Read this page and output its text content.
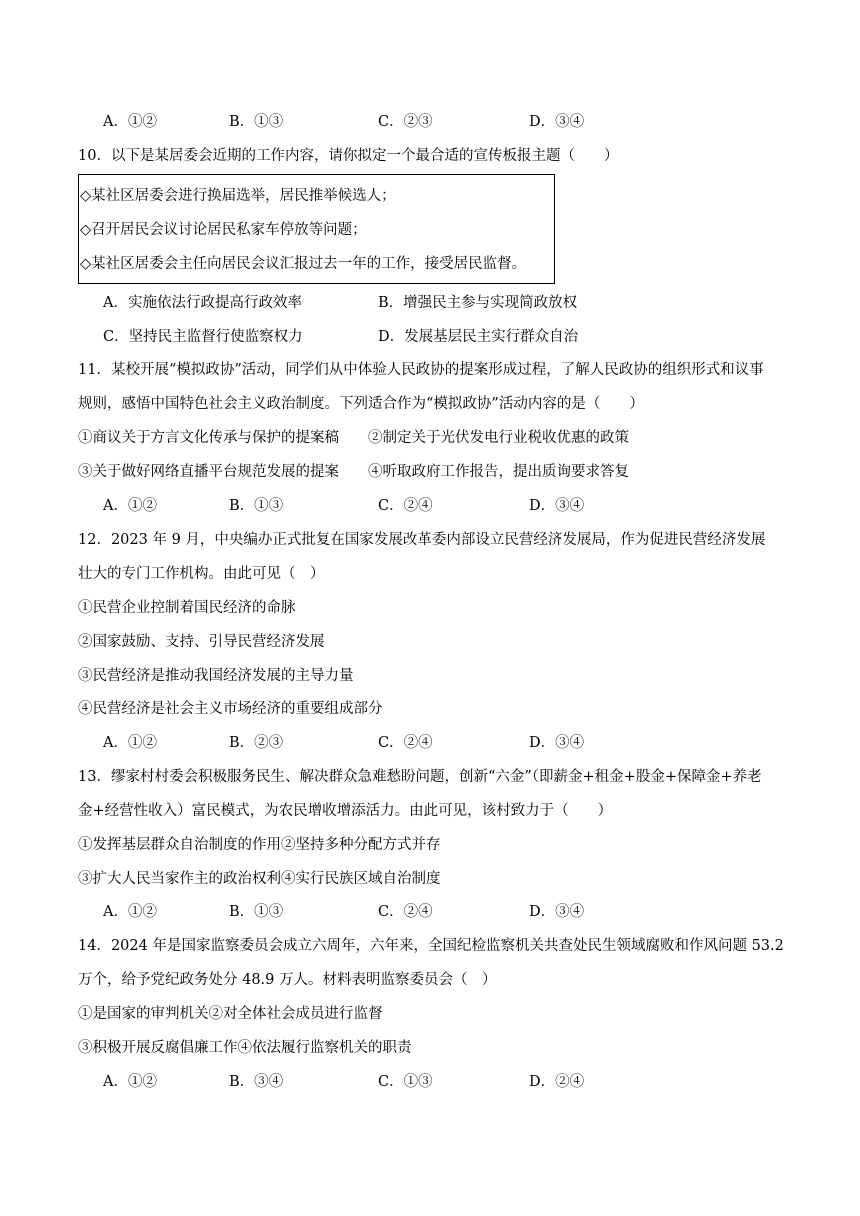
A．①②	B．①③	C．②③	D．③④
10．以下是某居委会近期的工作内容，请你拟定一个最合适的宣传板报主题（　　）
◇某社区居委会进行换届选举，居民推举候选人；
◇召开居民会议讨论居民私家车停放等问题；
◇某社区居委会主任向居民会议汇报过去一年的工作，接受居民监督。
A．实施依法行政提高行政效率	B．增强民主参与实现简政放权
C．坚持民主监督行使监察权力	D．发展基层民主实行群众自治
11．某校开展“模拟政协”活动，同学们从中体验人民政协的提案形成过程，了解人民政协的组织形式和议事
规则，感悟中国特色社会主义政治制度。下列适合作为“模拟政协”活动内容的是（　　）
①商议关于方言文化传承与保护的提案稿　　②制定关于光伏发电行业税收优惠的政策
③关于做好网络直播平台规范发展的提案　　④听取政府工作报告，提出质询要求答复
A．①②	B．①③	C．②④	D．③④
12．2023 年 9 月，中央编办正式批复在国家发展改革委内部设立民营经济发展局，作为促进民营经济发展
壮大的专门工作机构。由此可见（　）
①民营企业控制着国民经济的命脉
②国家鼓励、支持、引导民营经济发展
③民营经济是推动我国经济发展的主导力量
④民营经济是社会主义市场经济的重要组成部分
A．①②	B．②③	C．②④	D．③④
13．缪家村村委会积极服务民生、解决群众急难愁盼问题，创新“六金”（即薪金+租金+股金+保障金+养老
金+经营性收入）富民模式，为农民增收增添活力。由此可见，该村致力于（　　）
①发挥基层群众自治制度的作用②坚持多种分配方式并存
③扩大人民当家作主的政治权利④实行民族区域自治制度
A．①②	B．①③	C．②④	D．③④
14．2024 年是国家监察委员会成立六周年，六年来，全国纪检监察机关共查处民生领域腐败和作风问题 53.2
万个，给予党纪政务处分 48.9 万人。材料表明监察委员会（　）
①是国家的审判机关②对全体社会成员进行监督
③积极开展反腐倡廉工作④依法履行监察机关的职责
A．①②	B．③④	C．①③	D．②④
